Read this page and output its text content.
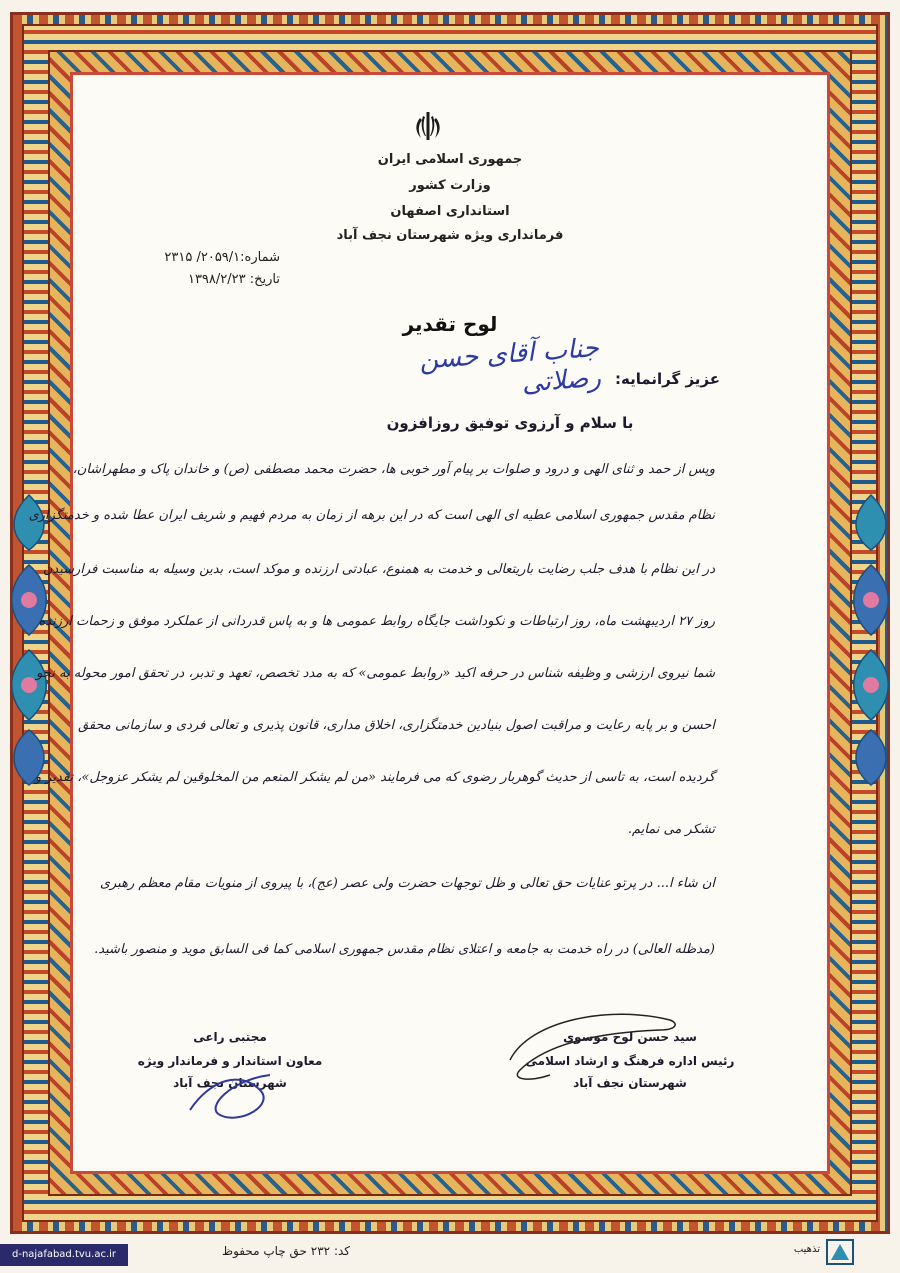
جمهوری اسلامی ایران
وزارت کشور
استانداری اصفهان
فرمانداری ویژه شهرستان نجف آباد
شماره:۲۰۵۹/۱/ ۲۳۱۵
تاریخ: ۱۳۹۸/۲/۲۳
لوح تقدیر
جناب آقای حسن رصلاتی عزیز گرانمایه:
با سلام و آرزوی توفیق روزافزون
وپس از حمد و ثنای الهی و درود و صلوات بر پیام آور خوبی ها، حضرت محمد مصطفی (ص) و خاندان پاک و مطهراشان،
نظام مقدس جمهوری اسلامی عطیه ای الهی است که در این برهه از زمان به مردم فهیم و شریف ایران عطا شده و خدمتگزاری
در این نظام با هدف جلب رضایت باریتعالی و خدمت به همنوع، عبادتی ارزنده و موکد است، بدین وسیله به مناسبت فرارسیدن
روز ۲۷ اردیبهشت ماه، روز ارتباطات و نکوداشت جایگاه روابط عمومی ها و به پاس قدردانی از عملکرد موفق و زحمات ارزنده
شما نیروی ارزشی و وظیفه شناس در حرفه اکید «روابط عمومی» که به مدد تخصص، تعهد و تدبر، در تحقق امور محوله به نحو
احسن و بر پایه رعایت و مراقبت اصول بنیادین خدمتگزاری، اخلاق مداری، قانون پذیری و تعالی فردی و سازمانی محقق
گردیده است، به تاسی از حدیث گوهربار رضوی که می فرمایند «من لم یشکر المنعم من المخلوقین لم یشکر عزوجل»، تقدیر و
تشکر می نمایم.
ان شاء ا... در پرتو عنایات حق تعالی و ظل توجهات حضرت ولی عصر (عج)، با پیروی از منویات مقام معظم رهبری
(مدظله العالی) در راه خدمت به جامعه و اعتلای نظام مقدس جمهوری اسلامی کما فی السابق موید و منصور باشید.
مجتبی راعی
معاون استاندار و فرماندار ویژه
شهرستان نجف آباد
سید حسن لوح موسوی
رئیس اداره فرهنگ و ارشاد اسلامی
شهرستان نجف آباد
d-najafabad.tvu.ac.ir	کد: ۲۳۲ حق چاپ محفوظ	تذهیب
